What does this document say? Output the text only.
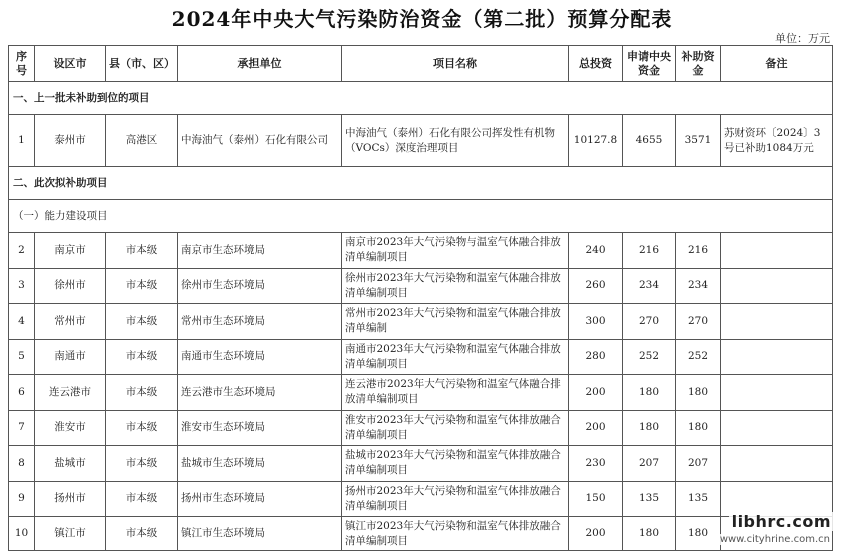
2024年中央大气污染防治资金（第二批）预算分配表
单位：万元
序号	设区市	县（市、区）	承担单位	项目名称	总投资	申请中央资金	补助资金	备注
一、上一批未补助到位的项目								
1	泰州市	高港区	中海油气（泰州）石化有限公司	中海油气（泰州）石化有限公司挥发性有机物（VOCs）深度治理项目	10127.8	4655	3571	苏财资环〔2024〕3号已补助1084万元
二、此次拟补助项目								
（一）能力建设项目								
2	南京市	市本级	南京市生态环境局	南京市2023年大气污染物与温室气体融合排放清单编制项目	240	216	216	
3	徐州市	市本级	徐州市生态环境局	徐州市2023年大气污染物和温室气体融合排放清单编制项目	260	234	234	
4	常州市	市本级	常州市生态环境局	常州市2023年大气污染物和温室气体融合排放清单编制	300	270	270	
5	南通市	市本级	南通市生态环境局	南通市2023年大气污染物和温室气体融合排放清单编制项目	280	252	252	
6	连云港市	市本级	连云港市生态环境局	连云港市2023年大气污染物和温室气体融合排放清单编制项目	200	180	180	
7	淮安市	市本级	淮安市生态环境局	淮安市2023年大气污染物和温室气体排放融合清单编制项目	200	180	180	
8	盐城市	市本级	盐城市生态环境局	盐城市2023年大气污染物和温室气体排放融合清单编制项目	230	207	207	
9	扬州市	市本级	扬州市生态环境局	扬州市2023年大气污染物和温室气体排放融合清单编制项目	150	135	135	
10	镇江市	市本级	镇江市生态环境局	镇江市2023年大气污染物和温室气体排放融合清单编制项目	200	180	180	
libhrc.com
www.cityhrine.com.cn
